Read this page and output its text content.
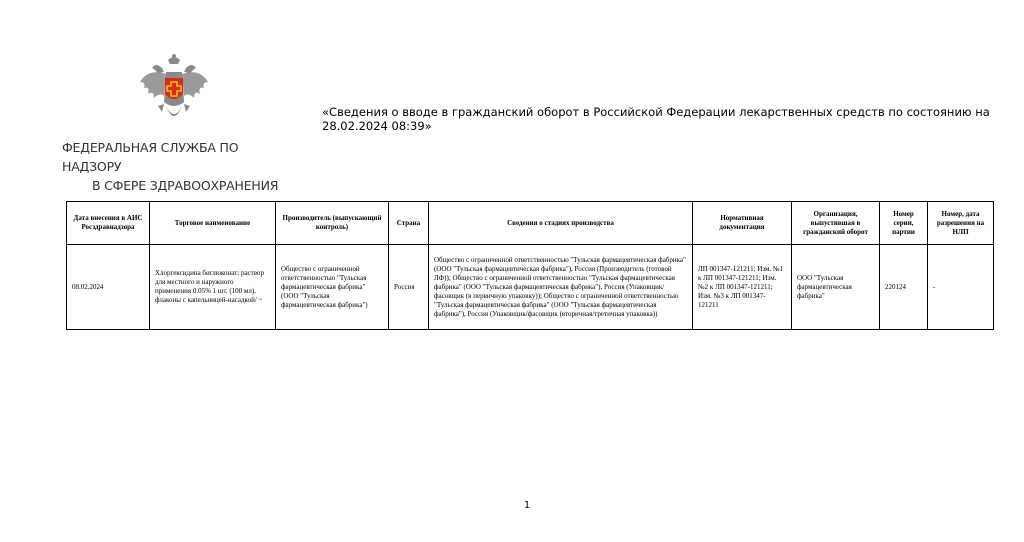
ФЕДЕРАЛЬНАЯ СЛУЖБА ПО НАДЗОРУ
В СФЕРЕ ЗДРАВООХРАНЕНИЯ
«Сведения о вводе в гражданский оборот в Российской Федерации лекарственных средств по состоянию на 28.02.2024 08:39»
Дата внесения в АИС Росздравнадзора	Торговое наименование	Производитель (выпускающий контроль)	Страна	Сведения о стадиях производства	Нормативная документация	Организация, выпустившая в гражданский оборот	Номер серии, партии	Номер, дата разрешения на НЛП
08.02.2024	Хлоргексидина биглюконат; раствор для местного и наружного применения 0.05% 1 шт. (100 мл), флаконы с капельницей-насадкой/ ~	Общество с ограниченной ответственностью "Тульская фармацевтическая фабрика" (ООО "Тульская фармацевтическая фабрика")	Россия	Общество с ограниченной ответственностью "Тульская фармацевтическая фабрика" (ООО "Тульская фармацевтическая фабрика"), Россия (Производитель (готовой ЛФ)); Общество с ограниченной ответственностью "Тульская фармацевтическая фабрика" (ООО "Тульская фармацевтическая фабрика"), Россия (Упаковщик/фасовщик (в первичную упаковку)); Общество с ограниченной ответственностью "Тульская фармацевтическая фабрика" (ООО "Тульская фармацевтическая фабрика"), Россия (Упаковщик/фасовщик (вторичная/третичная упаковка))	ЛП 001347-121211; Изм. №1 к ЛП 001347-121211; Изм. №2 к ЛП 001347-121211; Изм. №3 к ЛП 001347-121211	ООО "Тульская фармацевтическая фабрика"	220124	-
1
